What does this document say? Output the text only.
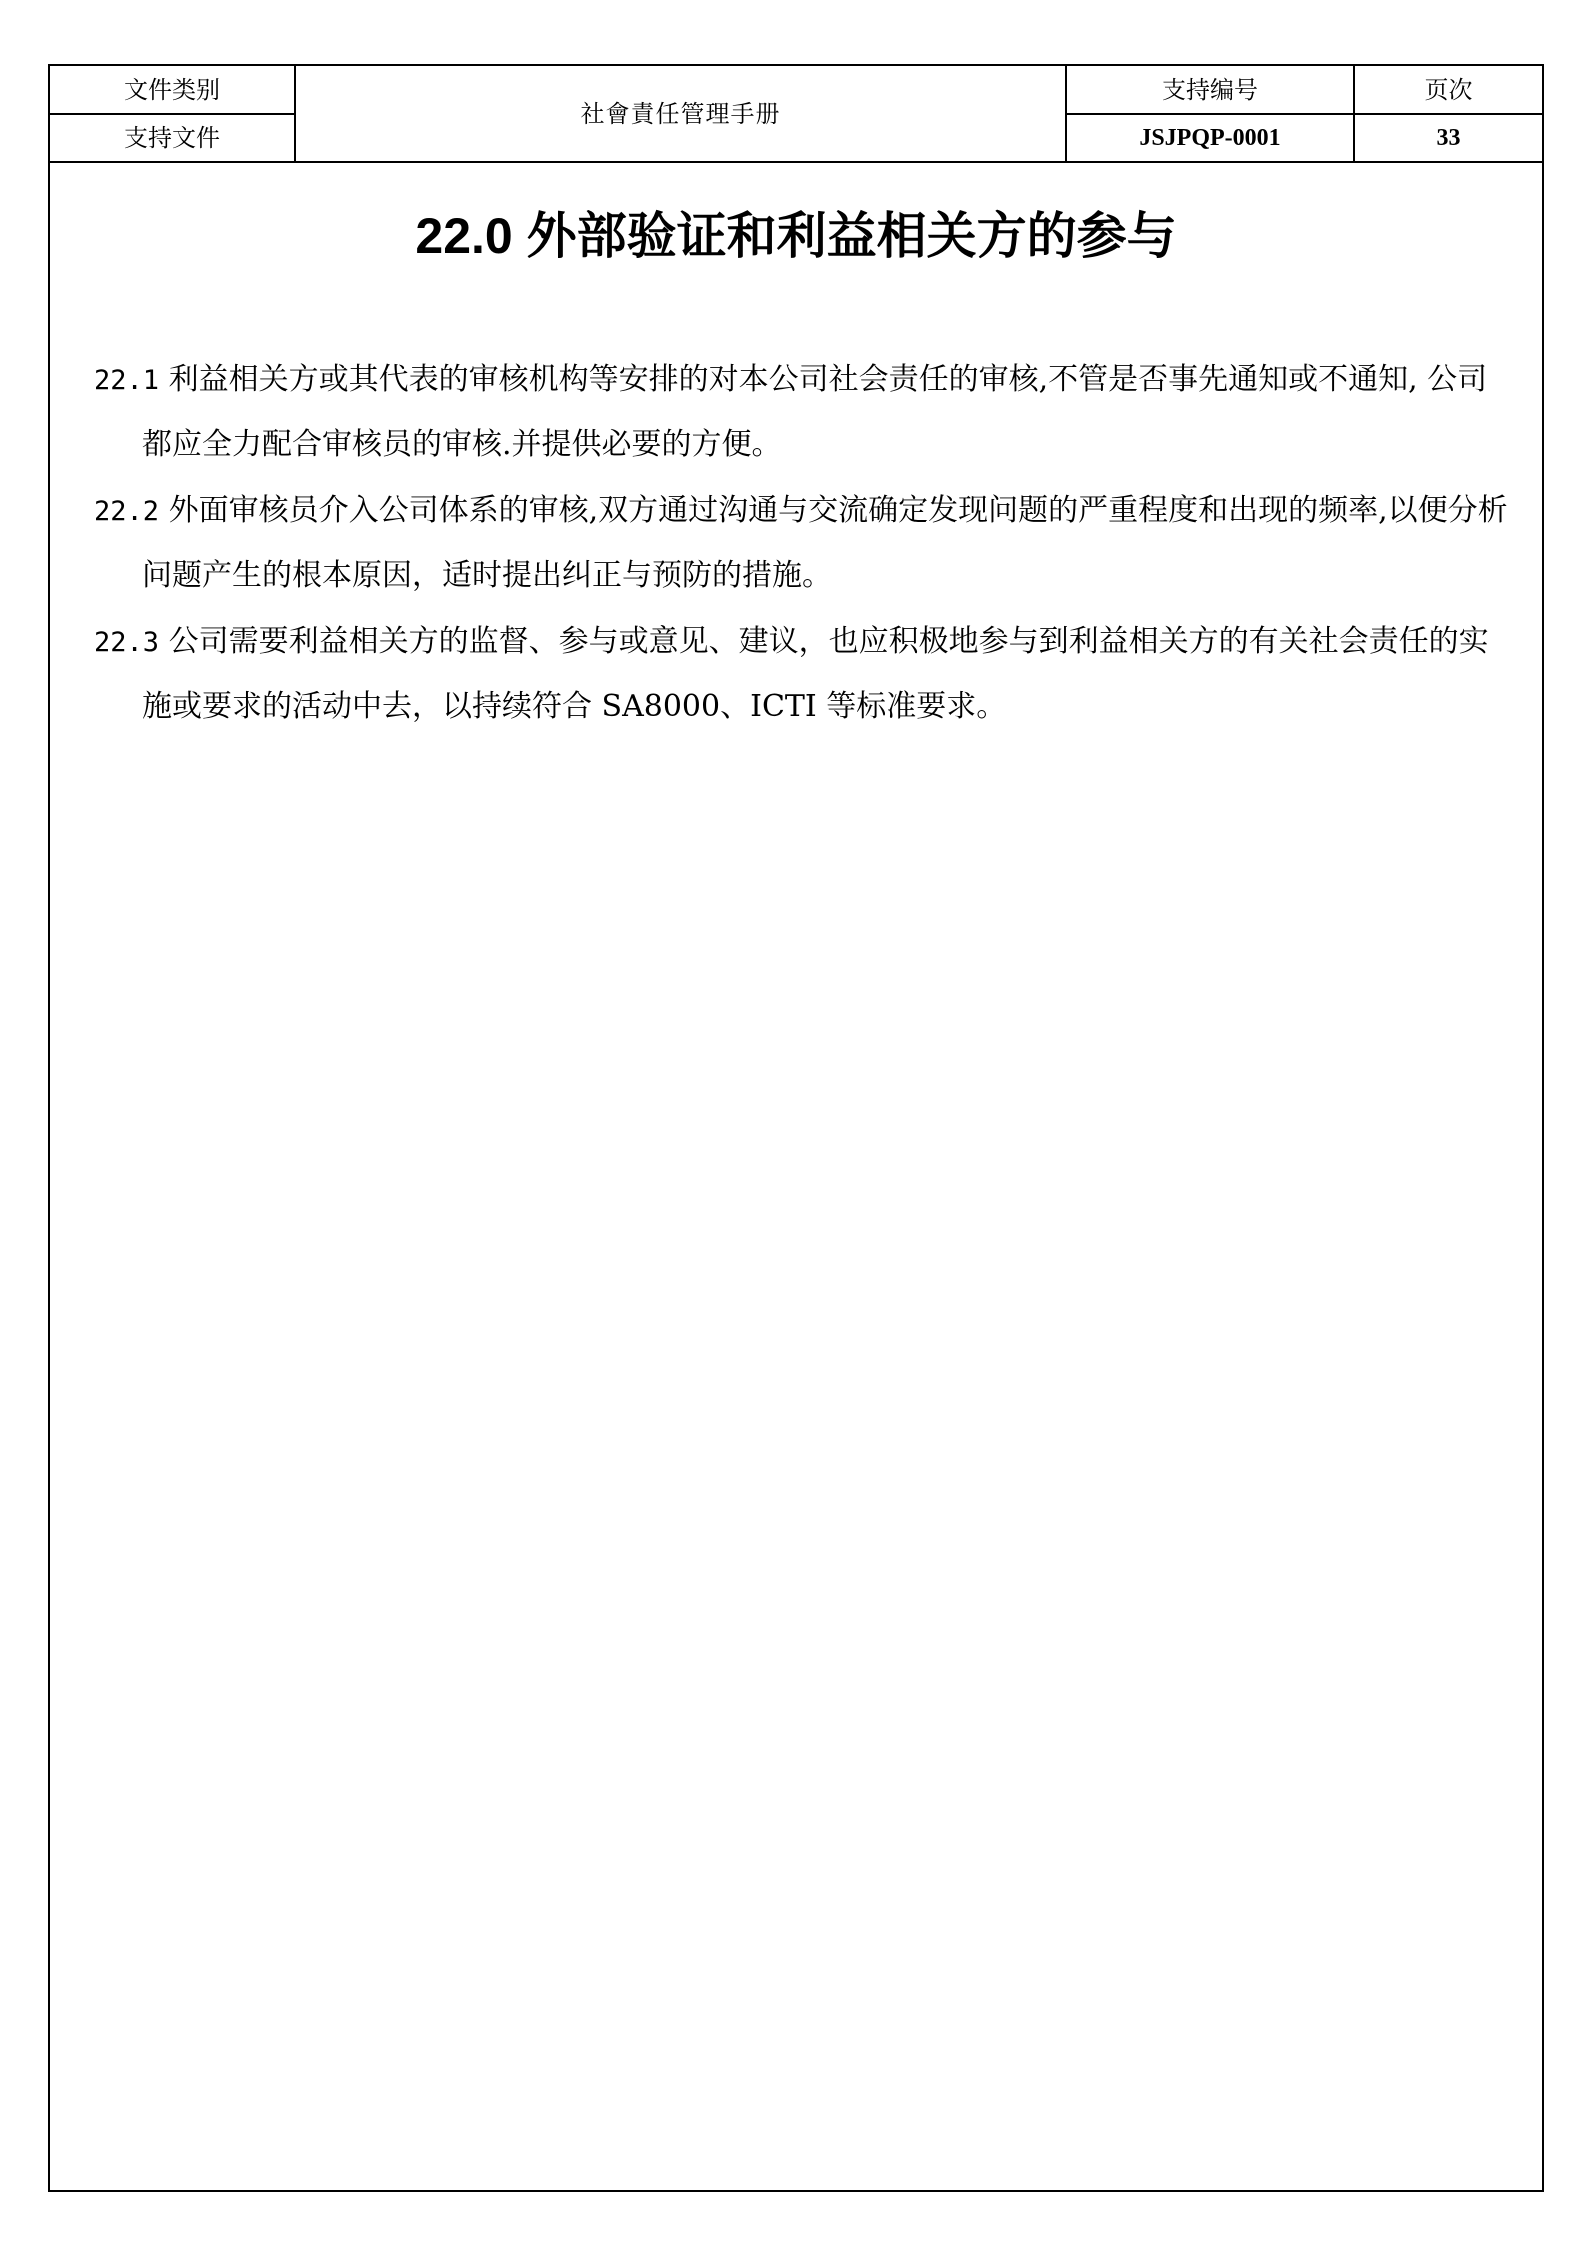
文件类别	社會責任管理手册	支持编号	页次
支持文件		JSJPQP-0001	33
22.0 外部验证和利益相关方的参与

22.1 利益相关方或其代表的审核机构等安排的对本公司社会责任的审核,不管是否事先通知或不通知, 公司都应全力配合审核员的审核.并提供必要的方便。

22.2 外面审核员介入公司体系的审核,双方通过沟通与交流确定发现问题的严重程度和出现的频率,以便分析问题产生的根本原因，适时提出纠正与预防的措施。

22.3 公司需要利益相关方的监督、参与或意见、建议，也应积极地参与到利益相关方的有关社会责任的实施或要求的活动中去，以持续符合 SA8000、ICTI 等标准要求。
